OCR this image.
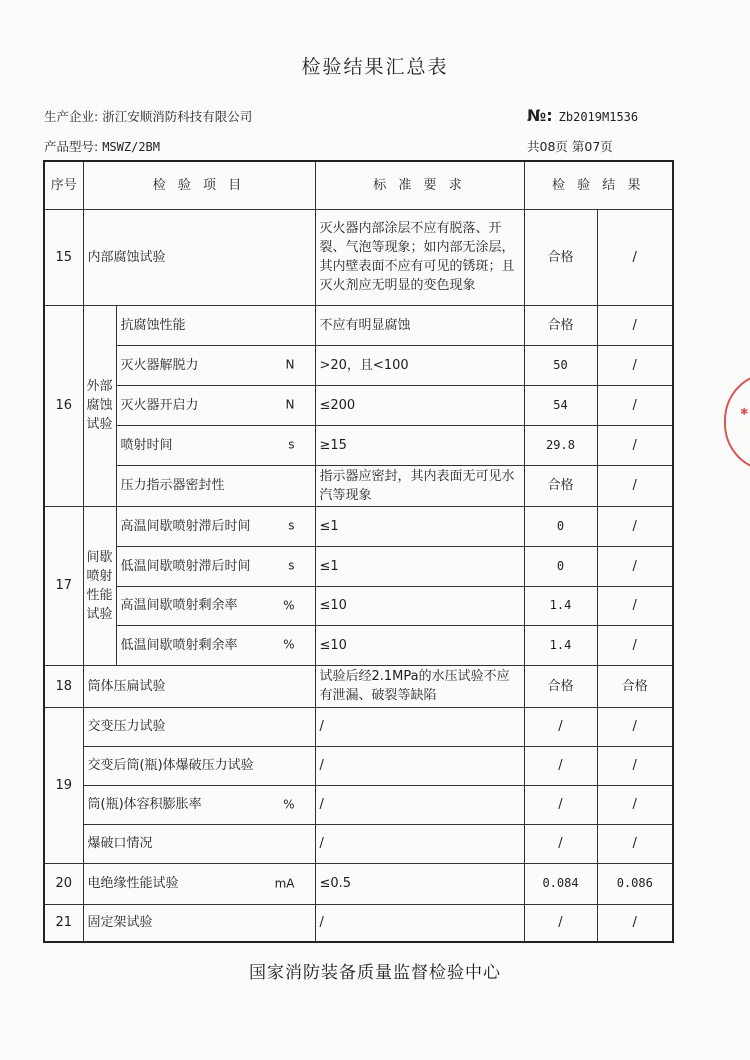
检验结果汇总表
生产企业: 浙江安顺消防科技有限公司	№: Zb2019M1536
产品型号: MSWZ/2BM	共08页 第07页
序号	检 验 项 目		标 准 要 求	检 验 结 果	
15	内部腐蚀试验		灭火器内部涂层不应有脱落、开裂、气泡等现象；如内部无涂层，其内壁表面不应有可见的锈斑；且灭火剂应无明显的变色现象	合格	/
16	外部腐蚀试验	抗腐蚀性能	不应有明显腐蚀	合格	/
		灭火器解脱力 N	>20，且<100	50	/
		灭火器开启力 N	≤200	54	/
		喷射时间 s	≥15	29.8	/
		压力指示器密封性	指示器应密封，其内表面无可见水汽等现象	合格	/
17	间歇喷射性能试验	高温间歇喷射滞后时间 s	≤1	0	/
		低温间歇喷射滞后时间 s	≤1	0	/
		高温间歇喷射剩余率 %	≤10	1.4	/
		低温间歇喷射剩余率 %	≤10	1.4	/
18	筒体压扁试验		试验后经2.1MPa的水压试验不应有泄漏、破裂等缺陷	合格	合格
19	交变压力试验		/	/	/
	交变后筒(瓶)体爆破压力试验		/	/	/
	筒(瓶)体容积膨胀率 %		/	/	/
	爆破口情况		/	/	/
20	电绝缘性能试验 mA		≤0.5	0.084	0.086
21	固定架试验		/	/	/
国家消防装备质量监督检验中心
✱
